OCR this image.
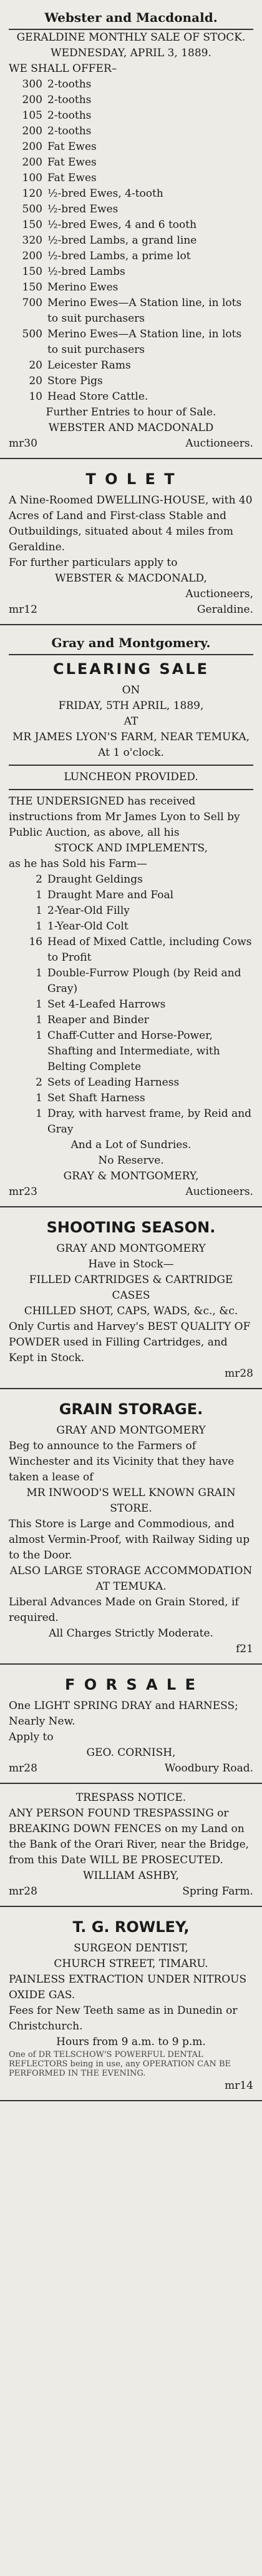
Webster and Macdonald.

GERALDINE MONTHLY SALE OF STOCK.

WEDNESDAY, APRIL 3, 1889.

WE SHALL OFFER–

300 2-tooths
200 2-tooths
105 2-tooths
200 2-tooths
200 Fat Ewes
200 Fat Ewes
100 Fat Ewes
120 ½-bred Ewes, 4-tooth
500 ½-bred Ewes
150 ½-bred Ewes, 4 and 6 tooth
320 ½-bred Lambs, a grand line
200 ½-bred Lambs, a prime lot
150 ½-bred Lambs
150 Merino Ewes
700 Merino Ewes—A Station line, in lots to suit purchasers
500 Merino Ewes—A Station line, in lots to suit purchasers
20 Leicester Rams
20 Store Pigs
10 Head Store Cattle.

Further Entries to hour of Sale.

WEBSTER AND MACDONALD

mr30	Auctioneers.

T O L E T

A Nine-Roomed DWELLING-HOUSE, with 40 Acres of Land and First-class Stable and Outbuildings, situated about 4 miles from Geraldine.

For further particulars apply to

WEBSTER & MACDONALD,

Auctioneers,

mr12	Geraldine.

Gray and Montgomery.
CLEARING SALE

ON

FRIDAY, 5TH APRIL, 1889,

AT

MR JAMES LYON'S FARM, NEAR TEMUKA,

At 1 o'clock.

LUNCHEON PROVIDED.

THE UNDERSIGNED has received instructions from Mr James Lyon to Sell by Public Auction, as above, all his

STOCK AND IMPLEMENTS,

as he has Sold his Farm—

2 Draught Geldings
1 Draught Mare and Foal
1 2-Year-Old Filly
1 1-Year-Old Colt
16 Head of Mixed Cattle, including Cows to Profit
1 Double-Furrow Plough (by Reid and Gray)
1 Set 4-Leafed Harrows
1 Reaper and Binder
1 Chaff-Cutter and Horse-Power, Shafting and Intermediate, with Belting Complete
2 Sets of Leading Harness
1 Set Shaft Harness
1 Dray, with harvest frame, by Reid and Gray

And a Lot of Sundries.

No Reserve.

GRAY & MONTGOMERY,

mr23	Auctioneers.

SHOOTING SEASON.

GRAY AND MONTGOMERY

Have in Stock—

FILLED CARTRIDGES & CARTRIDGE CASES

CHILLED SHOT, CAPS, WADS, &c., &c.

Only Curtis and Harvey's BEST QUALITY OF POWDER used in Filling Cartridges, and Kept in Stock.

mr28

GRAIN STORAGE.

GRAY AND MONTGOMERY

Beg to announce to the Farmers of Winchester and its Vicinity that they have taken a lease of

MR INWOOD'S WELL KNOWN GRAIN STORE.

This Store is Large and Commodious, and almost Vermin-Proof, with Railway Siding up to the Door.

ALSO LARGE STORAGE ACCOMMODATION AT TEMUKA.

Liberal Advances Made on Grain Stored, if required.

All Charges Strictly Moderate.

f21

F O R S A L E

One LIGHT SPRING DRAY and HARNESS; Nearly New.

Apply to

GEO. CORNISH,

mr28	Woodbury Road.

TRESPASS NOTICE.

ANY PERSON FOUND TRESPASSING or BREAKING DOWN FENCES on my Land on the Bank of the Orari River, near the Bridge, from this Date WILL BE PROSECUTED.

WILLIAM ASHBY,

mr28	Spring Farm.

T. G. ROWLEY,

SURGEON DENTIST,

CHURCH STREET, TIMARU.

PAINLESS EXTRACTION UNDER NITROUS OXIDE GAS.

Fees for New Teeth same as in Dunedin or Christchurch.

Hours from 9 a.m. to 9 p.m.

One of DR TELSCHOW'S POWERFUL DENTAL REFLECTORS being in use, any OPERATION CAN BE PERFORMED IN THE EVENING.

mr14
